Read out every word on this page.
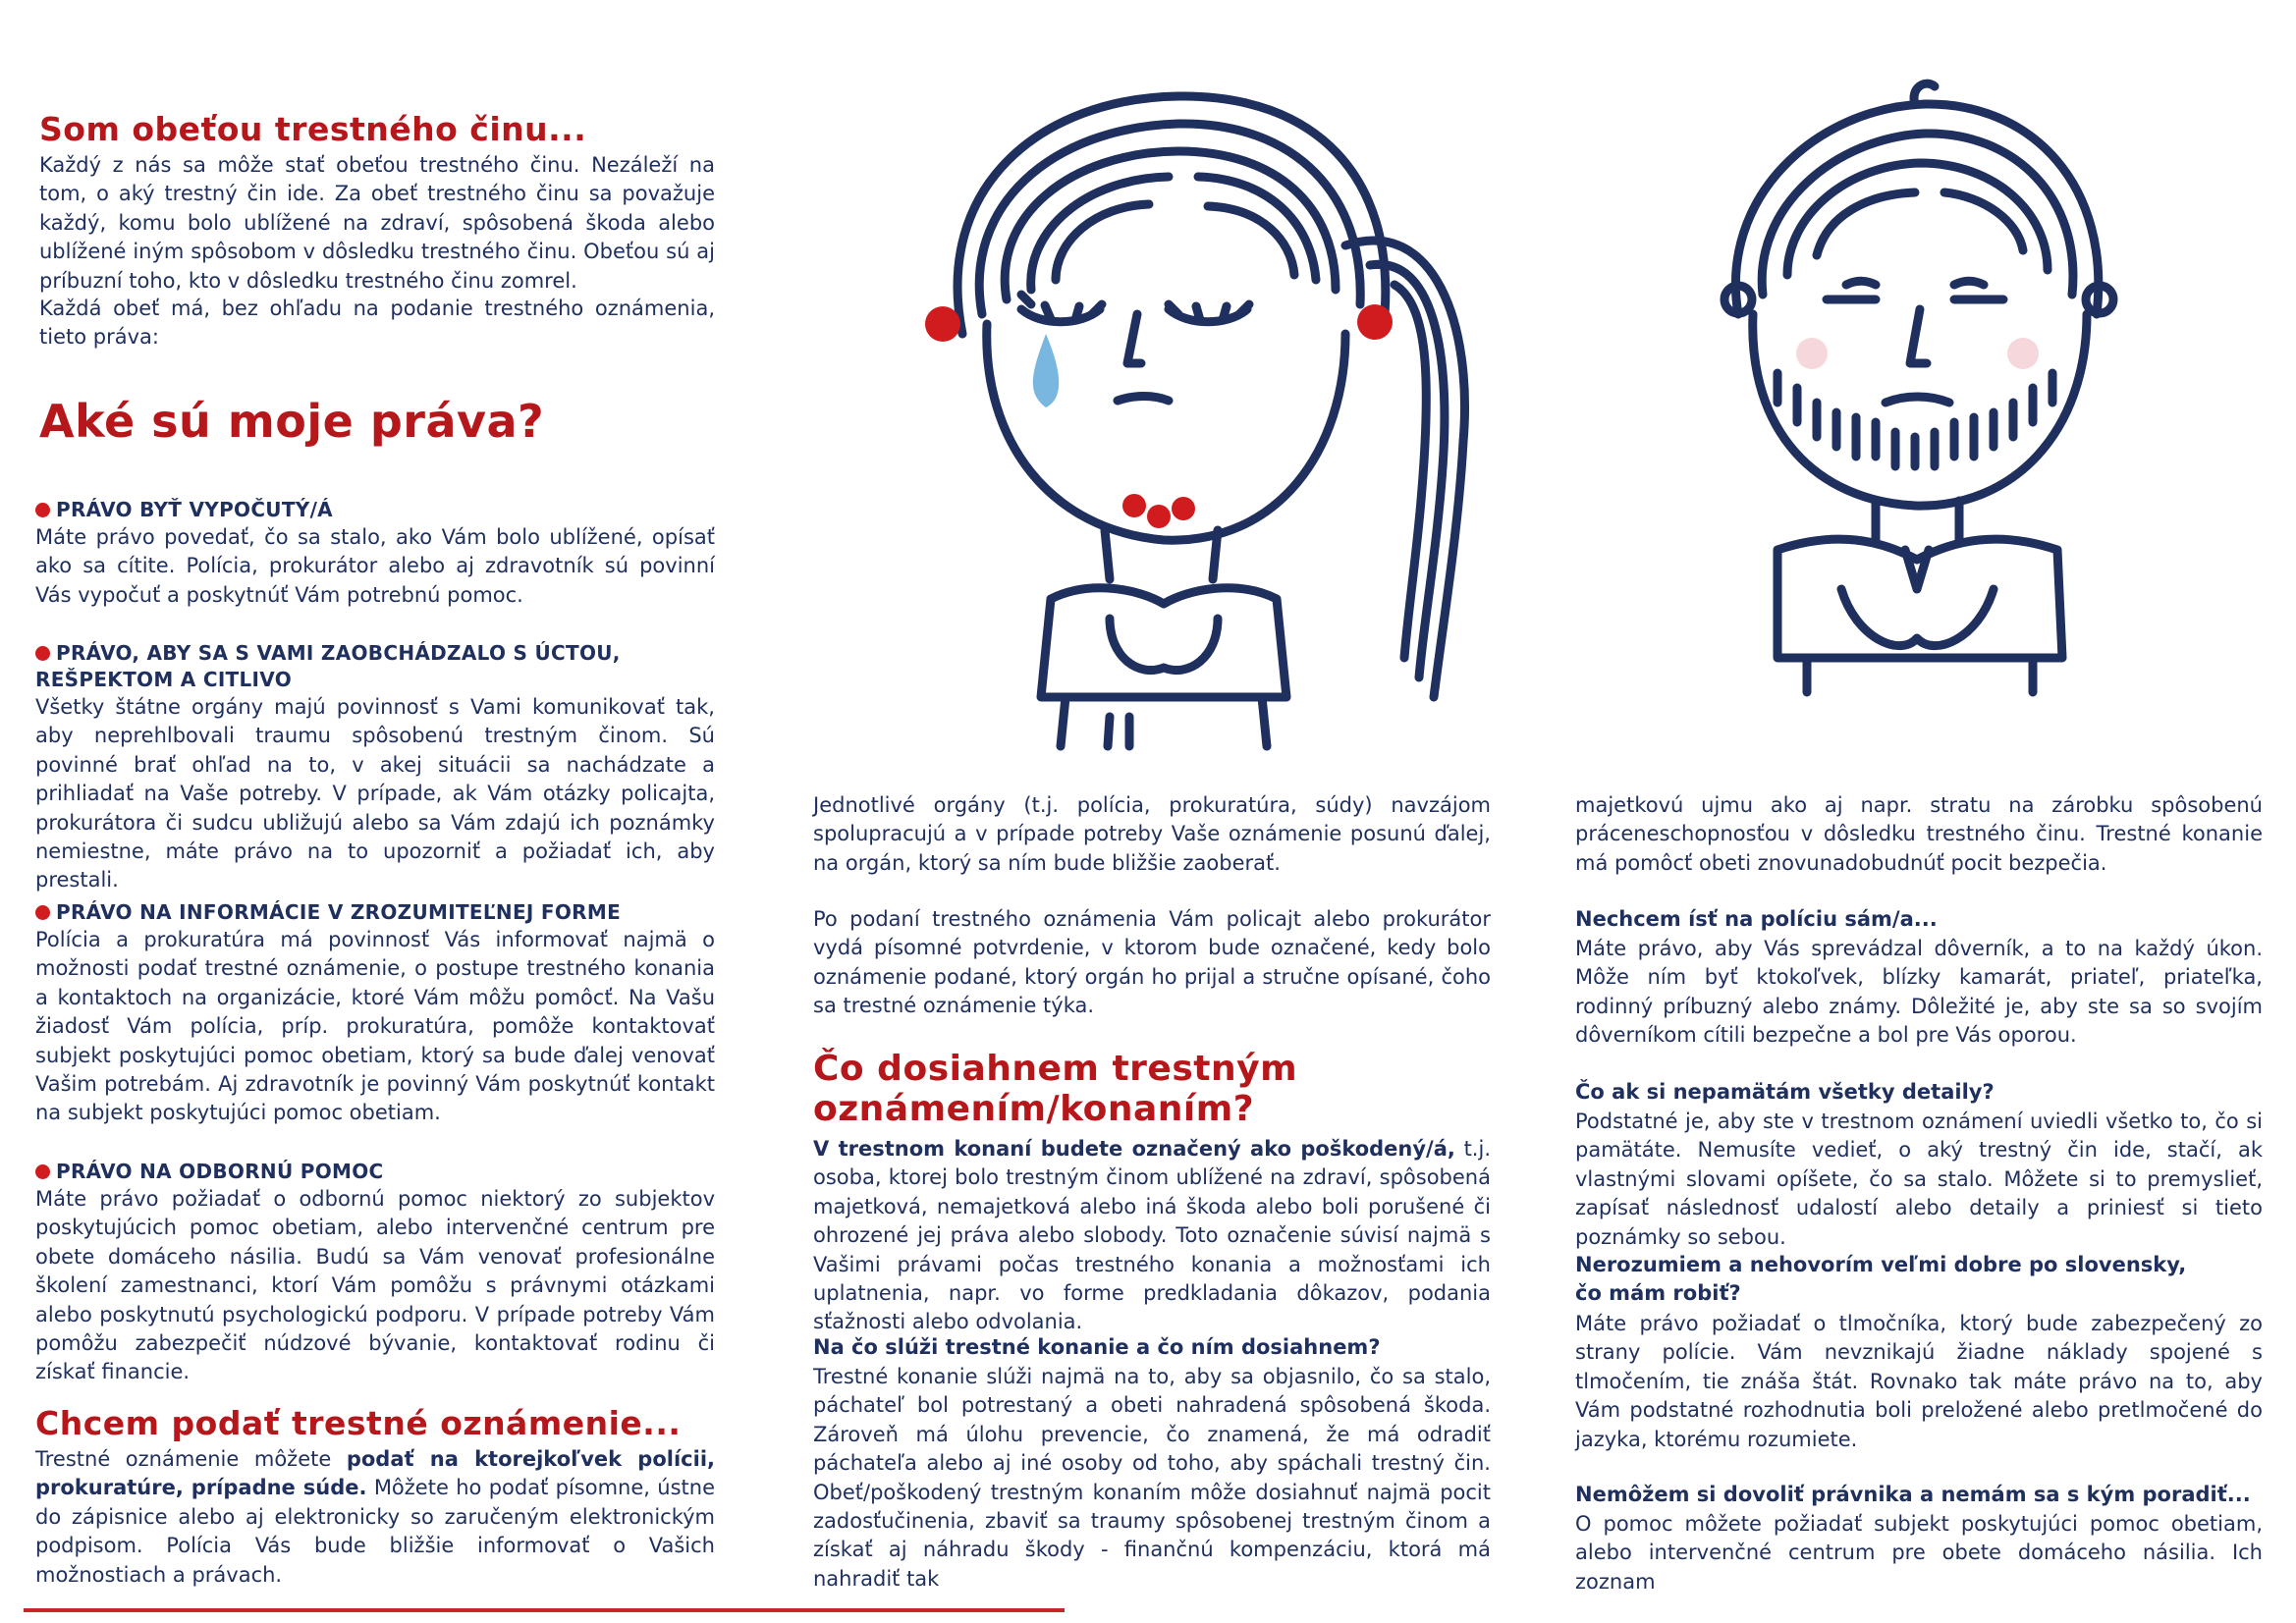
Som obeťou trestného činu...

Každý z nás sa môže stať obeťou trestného činu. Nezáleží na tom, o aký trestný čin ide. Za obeť trestného činu sa považuje každý, komu bolo ublížené na zdraví, spôsobená škoda alebo ublížené iným spôsobom v dôsledku trestného činu. Obeťou sú aj príbuzní toho, kto v dôsledku trestného činu zomrel.

Každá obeť má, bez ohľadu na podanie trestného oznámenia, tieto práva:

Aké sú moje práva?
PRÁVO BYŤ VYPOČUTÝ/Á

Máte právo povedať, čo sa stalo, ako Vám bolo ublížené, opísať ako sa cítite. Polícia, prokurátor alebo aj zdravotník sú povinní Vás vypočuť a poskytnúť Vám potrebnú pomoc.

PRÁVO, ABY SA S VAMI ZAOBCHÁDZALO S ÚCTOU,
REŠPEKTOM A CITLIVO

Všetky štátne orgány majú povinnosť s Vami komunikovať tak, aby neprehlbovali traumu spôsobenú trestným činom. Sú povinné brať ohľad na to, v akej situácii sa nachádzate a prihliadať na Vaše potreby. V prípade, ak Vám otázky policajta, prokurátora či sudcu ubližujú alebo sa Vám zdajú ich poznámky nemiestne, máte právo na to upozorniť a požiadať ich, aby prestali.

PRÁVO NA INFORMÁCIE V ZROZUMITEĽNEJ FORME

Polícia a prokuratúra má povinnosť Vás informovať najmä o možnosti podať trestné oznámenie, o postupe trestného konania a kontaktoch na organizácie, ktoré Vám môžu pomôcť. Na Vašu žiadosť Vám polícia, príp. prokuratúra, pomôže kontaktovať subjekt poskytujúci pomoc obetiam, ktorý sa bude ďalej venovať Vašim potrebám. Aj zdravotník je povinný Vám poskytnúť kontakt na subjekt poskytujúci pomoc obetiam.

PRÁVO NA ODBORNÚ POMOC

Máte právo požiadať o odbornú pomoc niektorý zo subjektov poskytujúcich pomoc obetiam, alebo intervenčné centrum pre obete domáceho násilia. Budú sa Vám venovať profesionálne školení zamestnanci, ktorí Vám pomôžu s právnymi otázkami alebo poskytnutú psychologickú podporu. V prípade potreby Vám pomôžu zabezpečiť núdzové bývanie, kontaktovať rodinu či získať financie.

Chcem podať trestné oznámenie...

Trestné oznámenie môžete podať na ktorejkoľvek polícii, prokuratúre, prípadne súde. Môžete ho podať písomne, ústne do zápisnice alebo aj elektronicky so zaručeným elektronickým podpisom. Polícia Vás bude bližšie informovať o Vašich možnostiach a právach.

Jednotlivé orgány (t.j. polícia, prokuratúra, súdy) navzájom spolupracujú a v prípade potreby Vaše oznámenie posunú ďalej, na orgán, ktorý sa ním bude bližšie zaoberať.

Po podaní trestného oznámenia Vám policajt alebo prokurátor vydá písomné potvrdenie, v ktorom bude označené, kedy bolo oznámenie podané, ktorý orgán ho prijal a stručne opísané, čoho sa trestné oznámenie týka.

Čo dosiahnem trestným
oznámením/konaním?

V trestnom konaní budete označený ako poškodený/á, t.j. osoba, ktorej bolo trestným činom ublížené na zdraví, spôsobená majetková, nemajetková alebo iná škoda alebo boli porušené či ohrozené jej práva alebo slobody. Toto označenie súvisí najmä s Vašimi právami počas trestného konania a možnosťami ich uplatnenia, napr. vo forme predkladania dôkazov, podania sťažnosti alebo odvolania.

Na čo slúži trestné konanie a čo ním dosiahnem?

Trestné konanie slúži najmä na to, aby sa objasnilo, čo sa stalo, páchateľ bol potrestaný a obeti nahradená spôsobená škoda. Zároveň má úlohu prevencie, čo znamená, že má odradiť páchateľa alebo aj iné osoby od toho, aby spáchali trestný čin. Obeť/poškodený trestným konaním môže dosiahnuť najmä pocit zadosťučinenia, zbaviť sa traumy spôsobenej trestným činom a získať aj náhradu škody - finančnú kompenzáciu, ktorá má nahradiť tak

majetkovú ujmu ako aj napr. stratu na zárobku spôsobenú práceneschopnosťou v dôsledku trestného činu. Trestné konanie má pomôcť obeti znovunadobudnúť pocit bezpečia.

Nechcem ísť na políciu sám/a...

Máte právo, aby Vás sprevádzal dôverník, a to na každý úkon. Môže ním byť ktokoľvek, blízky kamarát, priateľ, priateľka, rodinný príbuzný alebo známy. Dôležité je, aby ste sa so svojím dôverníkom cítili bezpečne a bol pre Vás oporou.

Čo ak si nepamätám všetky detaily?

Podstatné je, aby ste v trestnom oznámení uviedli všetko to, čo si pamätáte. Nemusíte vedieť, o aký trestný čin ide, stačí, ak vlastnými slovami opíšete, čo sa stalo. Môžete si to premyslieť, zapísať následnosť udalostí alebo detaily a priniesť si tieto poznámky so sebou.

Nerozumiem a nehovorím veľmi dobre po slovensky,
čo mám robiť?

Máte právo požiadať o tlmočníka, ktorý bude zabezpečený zo strany polície. Vám nevznikajú žiadne náklady spojené s tlmočením, tie znáša štát. Rovnako tak máte právo na to, aby Vám podstatné rozhodnutia boli preložené alebo pretlmočené do jazyka, ktorému rozumiete.

Nemôžem si dovoliť právnika a nemám sa s kým poradiť...

O pomoc môžete požiadať subjekt poskytujúci pomoc obetiam, alebo intervenčné centrum pre obete domáceho násilia. Ich zoznam
